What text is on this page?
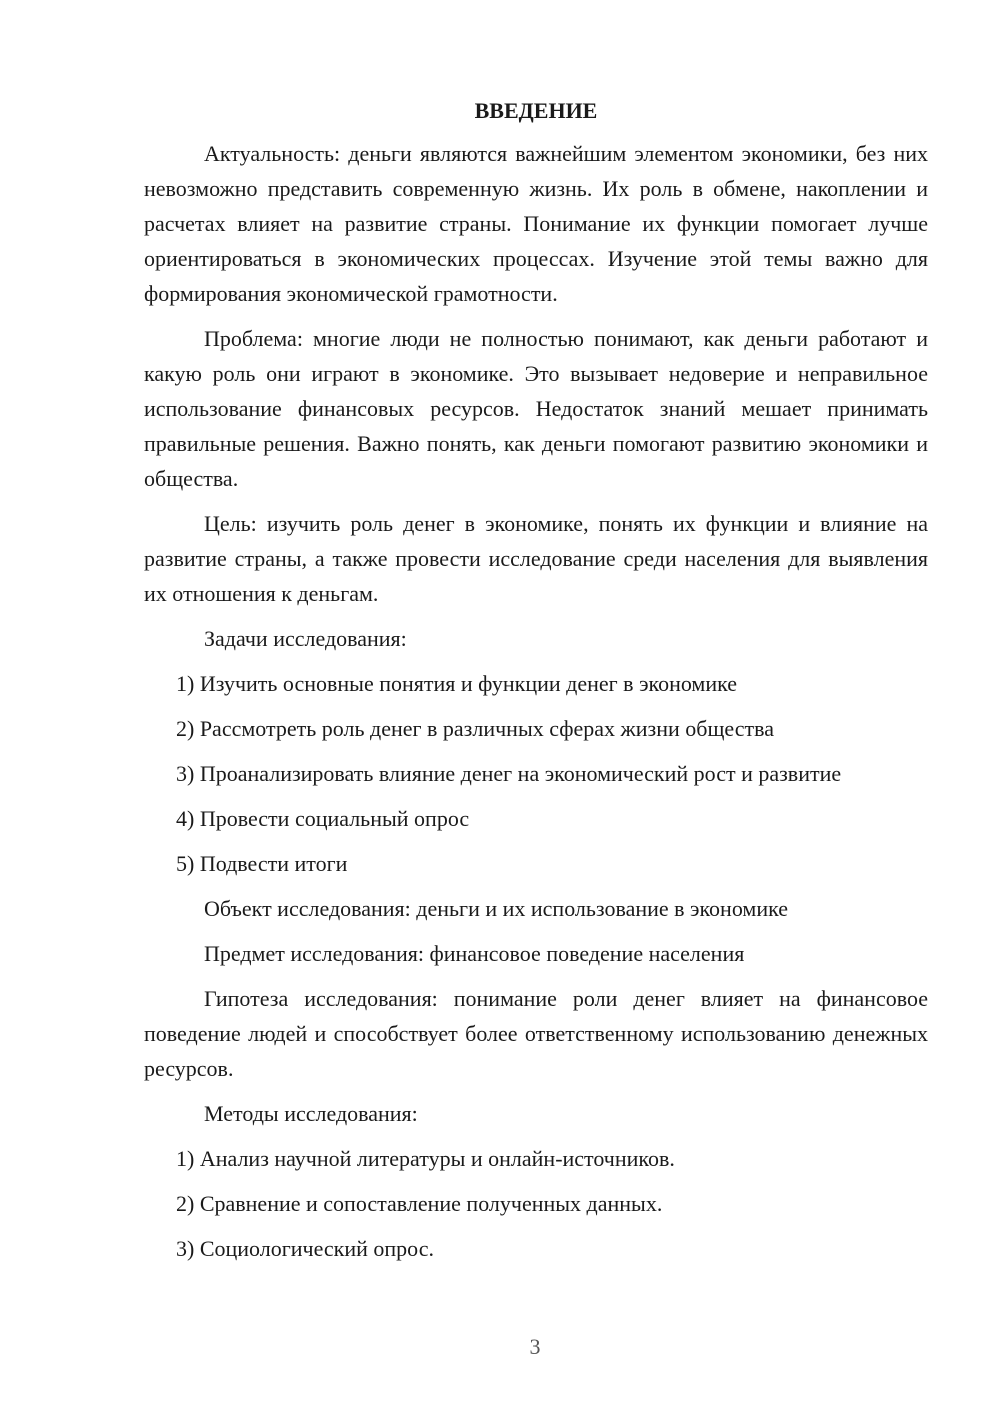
ВВЕДЕНИЕ

Актуальность: деньги являются важнейшим элементом экономики, без них невозможно представить современную жизнь. Их роль в обмене, накоплении и расчетах влияет на развитие страны. Понимание их функции помогает лучше ориентироваться в экономических процессах. Изучение этой темы важно для формирования экономической грамотности.

Проблема: многие люди не полностью понимают, как деньги работают и какую роль они играют в экономике. Это вызывает недоверие и неправильное использование финансовых ресурсов. Недостаток знаний мешает принимать правильные решения. Важно понять, как деньги помогают развитию экономики и общества.

Цель: изучить роль денег в экономике, понять их функции и влияние на развитие страны, а также провести исследование среди населения для выявления их отношения к деньгам.

Задачи исследования:
1) Изучить основные понятия и функции денег в экономике
2) Рассмотреть роль денег в различных сферах жизни общества
3) Проанализировать влияние денег на экономический рост и развитие
4) Провести социальный опрос
5) Подвести итоги
Объект исследования: деньги и их использование в экономике
Предмет исследования: финансовое поведение населения

Гипотеза исследования: понимание роли денег влияет на финансовое поведение людей и способствует более ответственному использованию денежных ресурсов.

Методы исследования:
1) Анализ научной литературы и онлайн-источников.
2) Сравнение и сопоставление полученных данных.
3) Социологический опрос.
3
